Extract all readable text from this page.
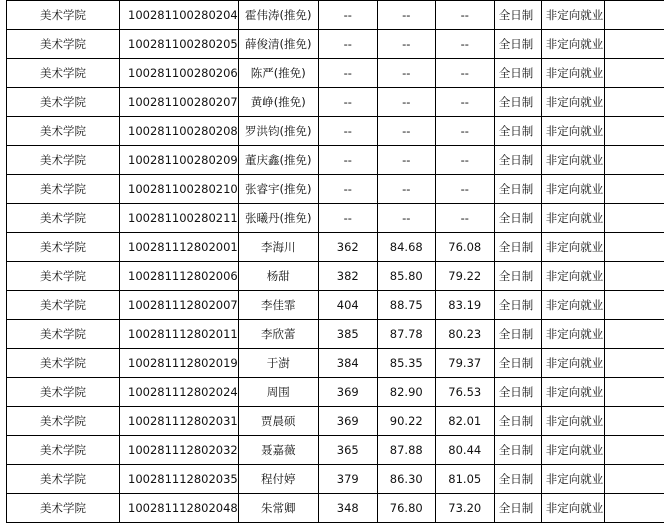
美术学院	100281100280204	霍伟涛(推免)	--	--	--	全日制	非定向就业	
美术学院	100281100280205	薛俊清(推免)	--	--	--	全日制	非定向就业	
美术学院	100281100280206	陈严(推免)	--	--	--	全日制	非定向就业	
美术学院	100281100280207	黄峥(推免)	--	--	--	全日制	非定向就业	
美术学院	100281100280208	罗洪钧(推免)	--	--	--	全日制	非定向就业	
美术学院	100281100280209	董庆鑫(推免)	--	--	--	全日制	非定向就业	
美术学院	100281100280210	张睿宇(推免)	--	--	--	全日制	非定向就业	
美术学院	100281100280211	张曦丹(推免)	--	--	--	全日制	非定向就业	
美术学院	100281112802001	李海川	362	84.68	76.08	全日制	非定向就业	
美术学院	100281112802006	杨甜	382	85.80	79.22	全日制	非定向就业	
美术学院	100281112802007	李佳霏	404	88.75	83.19	全日制	非定向就业	
美术学院	100281112802011	李欣蕾	385	87.78	80.23	全日制	非定向就业	
美术学院	100281112802019	于澍	384	85.35	79.37	全日制	非定向就业	
美术学院	100281112802024	周围	369	82.90	76.53	全日制	非定向就业	
美术学院	100281112802031	贾晨硕	369	90.22	82.01	全日制	非定向就业	
美术学院	100281112802032	聂嘉薇	365	87.88	80.44	全日制	非定向就业	
美术学院	100281112802035	程付婷	379	86.30	81.05	全日制	非定向就业	
美术学院	100281112802048	朱常卿	348	76.80	73.20	全日制	非定向就业	
